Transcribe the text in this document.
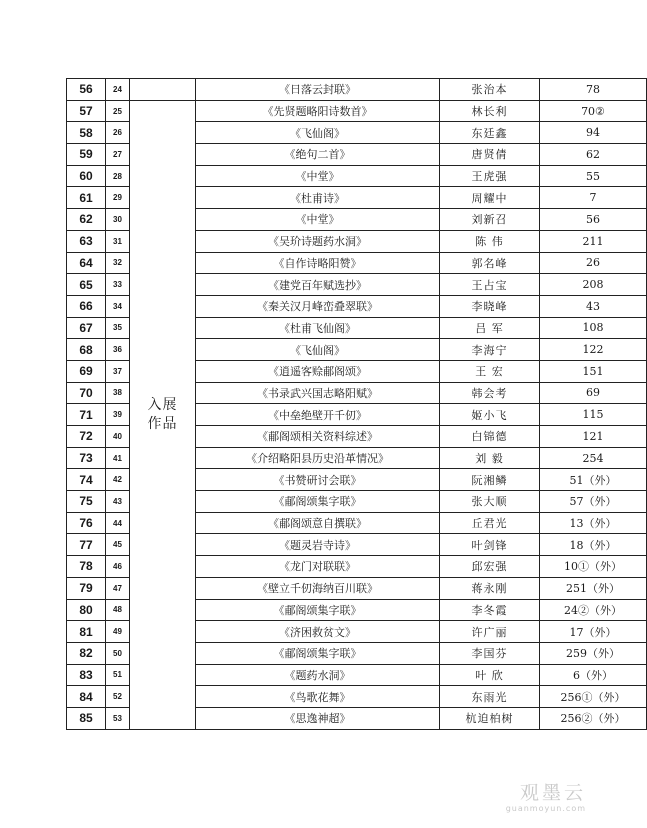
56	24		《日落云封联》	张治本	78
57	25	入展作品	《先贤题略阳诗数首》	林长利	70②
58	26		《飞仙阁》	东廷鑫	94
59	27		《绝句二首》	唐贤倩	62
60	28		《中堂》	王虎强	55
61	29		《杜甫诗》	周耀中	7
62	30		《中堂》	刘新召	56
63	31		《吴玠诗题药水洞》	陈 伟	211
64	32		《自作诗略阳赞》	郭名峰	26
65	33		《建党百年赋选抄》	王占宝	208
66	34		《秦关汉月峰峦叠翠联》	李晓峰	43
67	35		《杜甫飞仙阁》	吕 军	108
68	36		《飞仙阁》	李海宁	122
69	37		《逍遥客赊郙阁颂》	王 宏	151
70	38		《书录武兴国志略阳赋》	韩会考	69
71	39		《中垒绝壁开千仞》	姬小飞	115
72	40		《郙阁颂相关资料综述》	白锦德	121
73	41		《介绍略阳县历史沿革情况》	刘 毅	254
74	42		《书赞研讨会联》	阮湘鳞	51（外）
75	43		《郙阁颂集字联》	张大顺	57（外）
76	44		《郙阁颂意自撰联》	丘君光	13（外）
77	45		《题灵岩寺诗》	叶剑锋	18（外）
78	46		《龙门对联联》	邱宏强	10①（外）
79	47		《壁立千仞海纳百川联》	蒋永刚	251（外）
80	48		《郙阁颂集字联》	李冬霞	24②（外）
81	49		《济困救贫文》	许广丽	17（外）
82	50		《郙阁颂集字联》	李国芬	259（外）
83	51		《题药水洞》	叶 欣	6（外）
84	52		《鸟歌花舞》	东雨光	256①（外）
85	53		《思逸神超》	杭迫柏树	256②（外）
观墨云
guanmoyun.com
